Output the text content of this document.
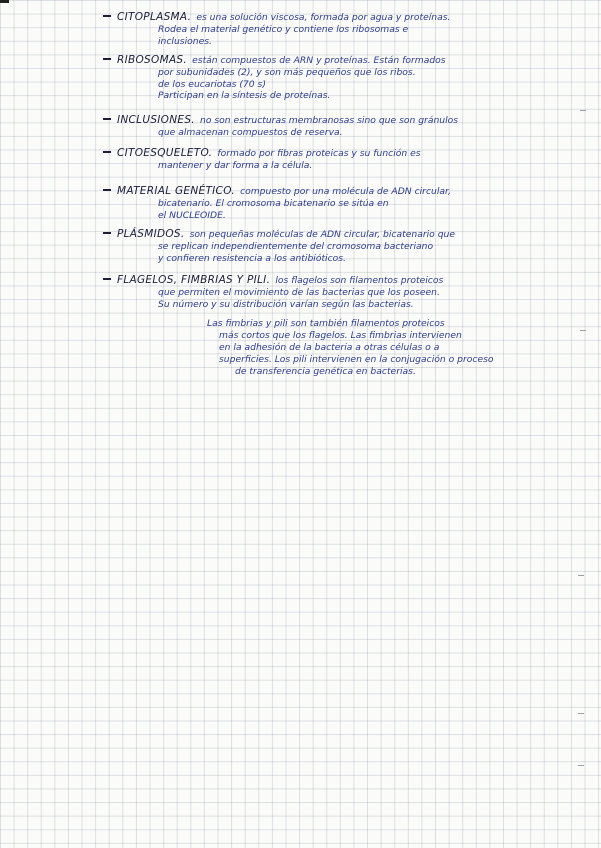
CITOPLASMA. es una solución viscosa, formada por agua y proteínas.
Rodea el material genético y contiene los ribosomas e
inclusiones.
RIBOSOMAS. están compuestos de ARN y proteínas. Están formados
por subunidades (2), y son más pequeños que los ribos.
de los eucariotas (70 s)
Participan en la síntesis de proteínas.
INCLUSIONES. no son estructuras membranosas sino que son gránulos
que almacenan compuestos de reserva.
CITOESQUELETO. formado por fibras proteicas y su función es
mantener y dar forma a la célula.
MATERIAL GENÉTICO. compuesto por una molécula de ADN circular,
bicatenario. El cromosoma bicatenario se sitúa en
el NUCLEOIDE.
PLÁSMIDOS. son pequeñas moléculas de ADN circular, bicatenario que
se replican independientemente del cromosoma bacteriano
y confieren resistencia a los antibióticos.
FLAGELOS, FIMBRIAS Y PILI. los flagelos son filamentos proteicos
que permiten el movimiento de las bacterias que los poseen.
Su número y su distribución varían según las bacterias.
Las fimbrias y pili son también filamentos proteicos
más cortos que los flagelos. Las fimbrias intervienen
en la adhesión de la bacteria a otras células o a
superficies. Los pili intervienen en la conjugación o proceso
de transferencia genética en bacterias.
